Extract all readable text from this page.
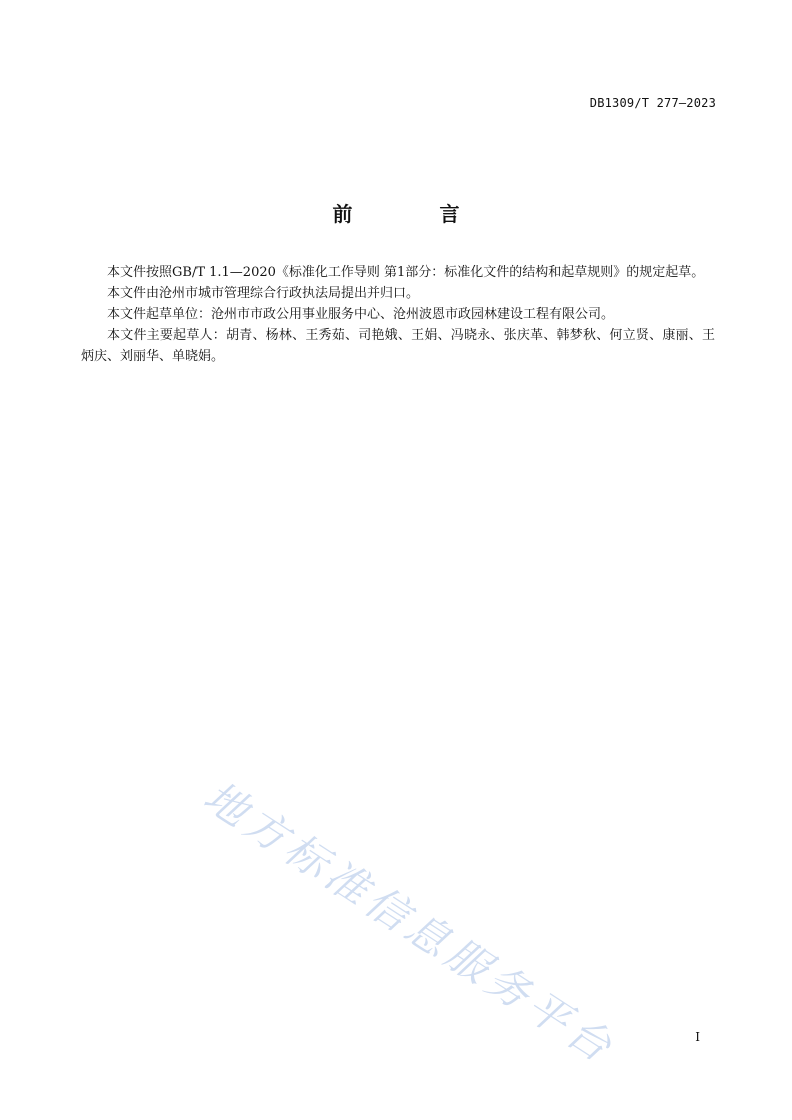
DB1309/T 277—2023
前 言

本文件按照GB/T 1.1—2020《标准化工作导则 第1部分：标准化文件的结构和起草规则》的规定起草。

本文件由沧州市城市管理综合行政执法局提出并归口。

本文件起草单位：沧州市市政公用事业服务中心、沧州波恩市政园林建设工程有限公司。

本文件主要起草人：胡青、杨林、王秀茹、司艳娥、王娟、冯晓永、张庆革、韩梦秋、何立贤、康丽、王炳庆、刘丽华、单晓娟。

地方标准信息服务平台	I
